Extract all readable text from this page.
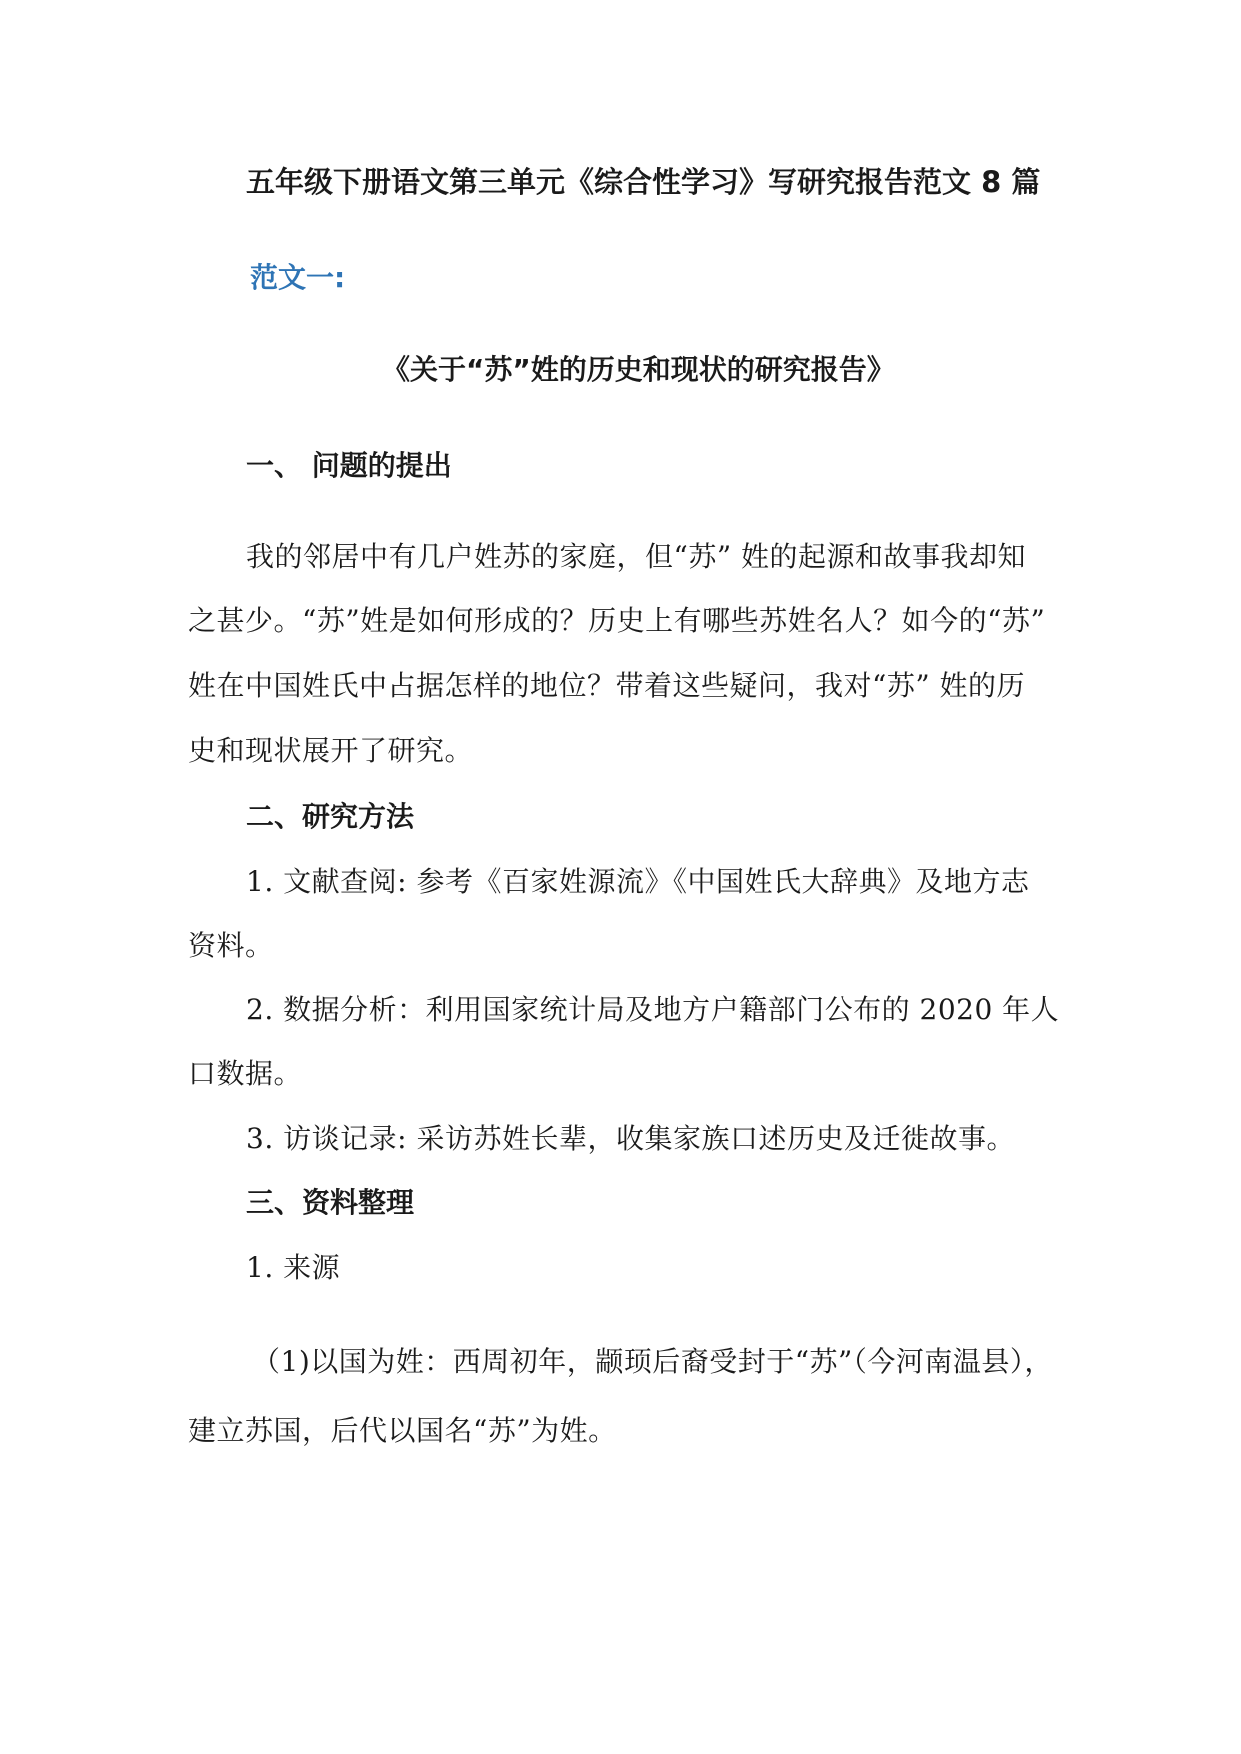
五年级下册语文第三单元《综合性学习》写研究报告范文 8 篇
范文一:
《关于“苏”姓的历史和现状的研究报告》
一、 问题的提出
我的邻居中有几户姓苏的家庭，但“苏” 姓的起源和故事我却知
之甚少。“苏”姓是如何形成的？历史上有哪些苏姓名人？如今的“苏”
姓在中国姓氏中占据怎样的地位？带着这些疑问，我对“苏” 姓的历
史和现状展开了研究。
二、研究方法
1. 文献查阅: 参考《百家姓源流》《中国姓氏大辞典》及地方志
资料。
2. 数据分析：利用国家统计局及地方户籍部门公布的 2020 年人
口数据。
3. 访谈记录: 采访苏姓长辈，收集家族口述历史及迁徙故事。
三、资料整理
1. 来源
（1)以国为姓：西周初年，颛顼后裔受封于“苏”（今河南温县），
建立苏国，后代以国名“苏”为姓。
